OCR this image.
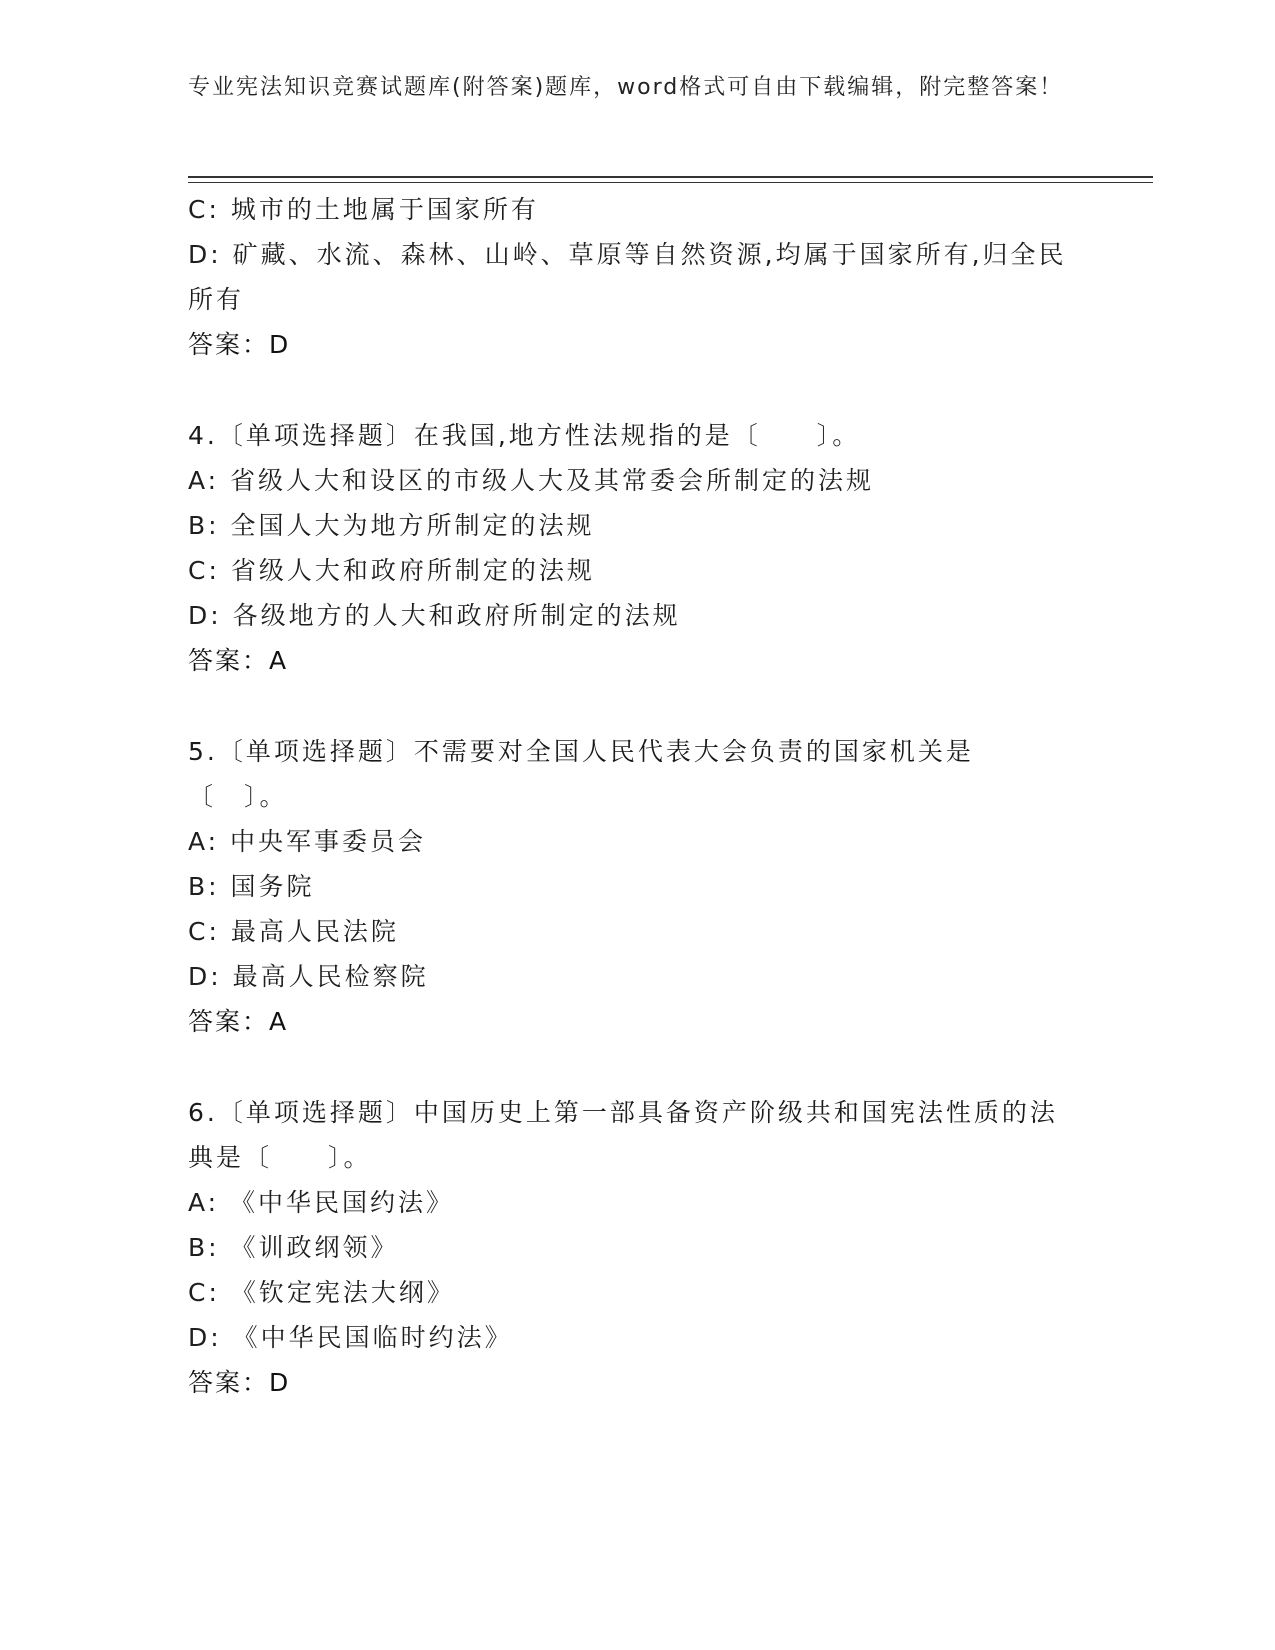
专业宪法知识竞赛试题库(附答案)题库，word格式可自由下载编辑，附完整答案！
C: 城市的土地属于国家所有
D: 矿藏、水流、森林、山岭、草原等自然资源,均属于国家所有,归全民所有
答案：D
4.〔单项选择题〕在我国,地方性法规指的是〔　　〕。
A: 省级人大和设区的市级人大及其常委会所制定的法规
B: 全国人大为地方所制定的法规
C: 省级人大和政府所制定的法规
D: 各级地方的人大和政府所制定的法规
答案：A
5.〔单项选择题〕不需要对全国人民代表大会负责的国家机关是〔　〕。
A: 中央军事委员会
B: 国务院
C: 最高人民法院
D: 最高人民检察院
答案：A
6.〔单项选择题〕中国历史上第一部具备资产阶级共和国宪法性质的法典是〔　　〕。
A: 《中华民国约法》
B: 《训政纲领》
C: 《钦定宪法大纲》
D: 《中华民国临时约法》
答案：D
